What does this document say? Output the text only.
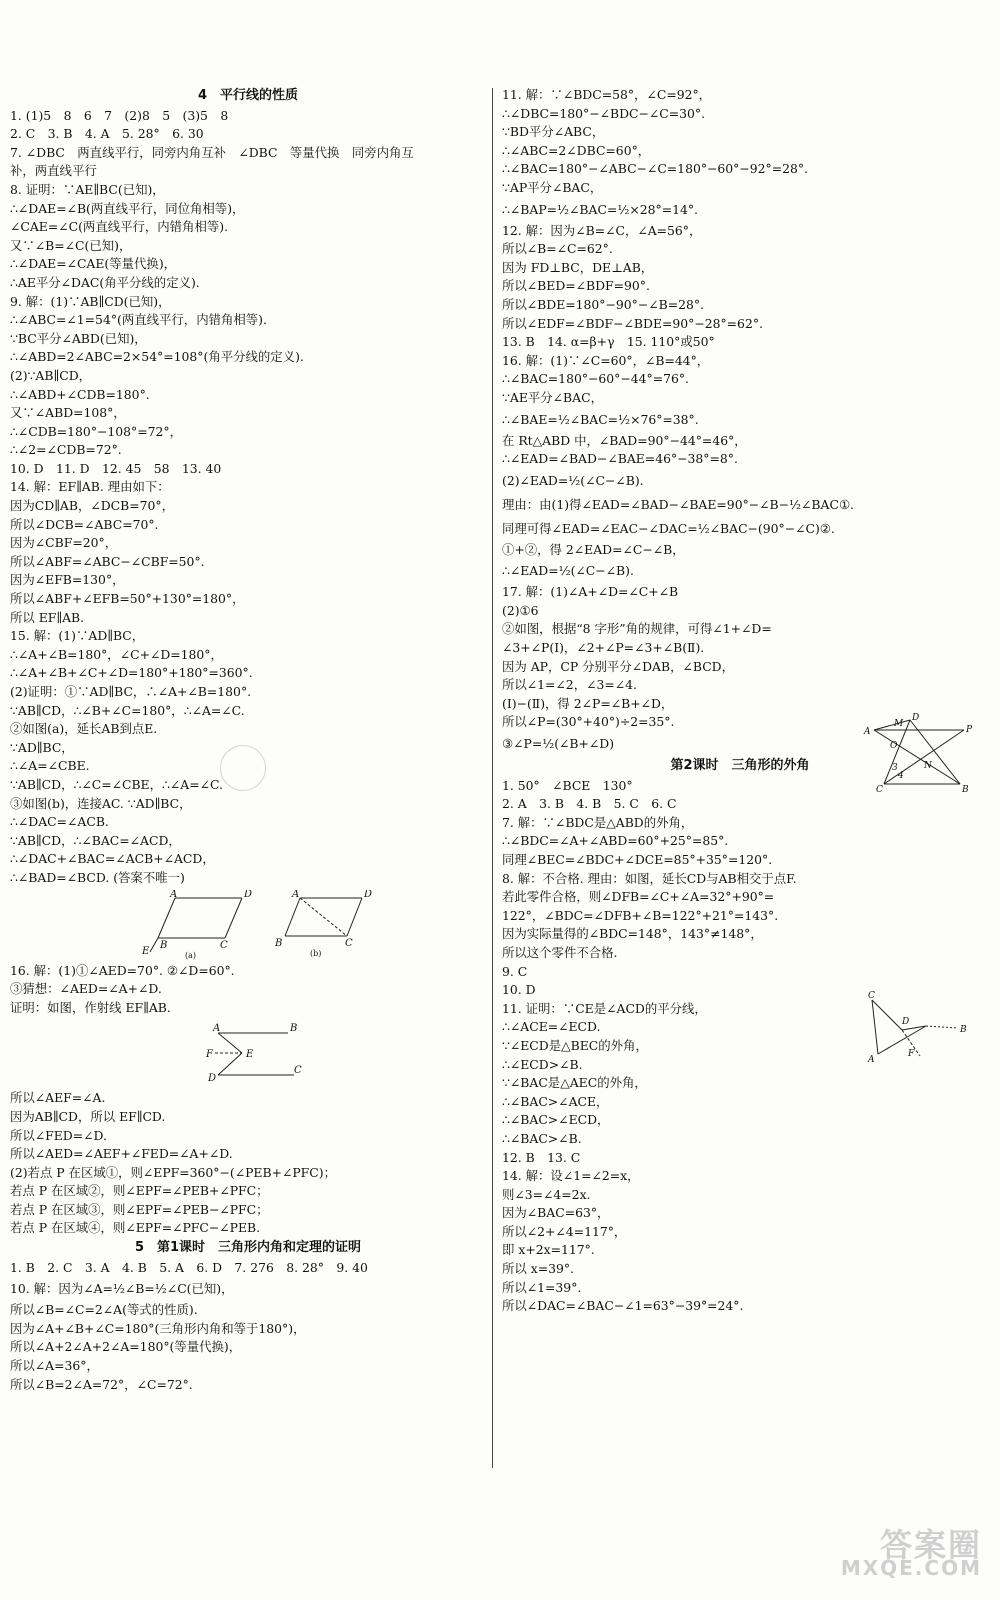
4　平行线的性质
1. (1)5　8　6　7　(2)8　5　(3)5　8
2. C　3. B　4. A　5. 28°　6. 30
7. ∠DBC　两直线平行，同旁内角互补　∠DBC　等量代换　同旁内角互
补，两直线平行
8. 证明：∵AE∥BC(已知)，
∴∠DAE=∠B(两直线平行，同位角相等)，
∠CAE=∠C(两直线平行，内错角相等).
又∵∠B=∠C(已知)，
∴∠DAE=∠CAE(等量代换)，
∴AE平分∠DAC(角平分线的定义).
9. 解：(1)∵AB∥CD(已知)，
∴∠ABC=∠1=54°(两直线平行，内错角相等).
∵BC平分∠ABD(已知)，
∴∠ABD=2∠ABC=2×54°=108°(角平分线的定义).
(2)∵AB∥CD，
∴∠ABD+∠CDB=180°.
又∵∠ABD=108°，
∴∠CDB=180°−108°=72°，
∴∠2=∠CDB=72°.
10. D　11. D　12. 45　58　13. 40
14. 解：EF∥AB. 理由如下：
因为CD∥AB，∠DCB=70°，
所以∠DCB=∠ABC=70°.
因为∠CBF=20°，
所以∠ABF=∠ABC−∠CBF=50°.
因为∠EFB=130°，
所以∠ABF+∠EFB=50°+130°=180°，
所以 EF∥AB.
15. 解：(1)∵AD∥BC，
∴∠A+∠B=180°，∠C+∠D=180°，
∴∠A+∠B+∠C+∠D=180°+180°=360°.
(2)证明：①∵AD∥BC，∴∠A+∠B=180°.
∵AB∥CD，∴∠B+∠C=180°，∴∠A=∠C.
②如图(a)，延长AB到点E.
∵AD∥BC，
∴∠A=∠CBE.
∵AB∥CD，∴∠C=∠CBE，∴∠A=∠C.
③如图(b)，连接AC. ∵AD∥BC，
∴∠DAC=∠ACB.
∵AB∥CD，∴∠BAC=∠ACD，
∴∠DAC+∠BAC=∠ACB+∠ACD，
∴∠BAD=∠BCD. (答案不唯一)
A	D
E
B	C
(a)
A	D
B	C
(b)
16. 解：(1)①∠AED=70°. ②∠D=60°.
③猜想：∠AED=∠A+∠D.
证明：如图，作射线 EF∥AB.
A	B
F	E
D
C
所以∠AEF=∠A.
因为AB∥CD，所以 EF∥CD.
所以∠FED=∠D.
所以∠AED=∠AEF+∠FED=∠A+∠D.
(2)若点 P 在区域①，则∠EPF=360°−(∠PEB+∠PFC)；
若点 P 在区域②，则∠EPF=∠PEB+∠PFC；
若点 P 在区域③，则∠EPF=∠PEB−∠PFC；
若点 P 在区域④，则∠EPF=∠PFC−∠PEB.
5　第1课时　三角形内角和定理的证明
1. B　2. C　3. A　4. B　5. A　6. D　7. 276　8. 28°　9. 40
10. 解：因为∠A=½∠B=½∠C(已知)，
所以∠B=∠C=2∠A(等式的性质).
因为∠A+∠B+∠C=180°(三角形内角和等于180°)，
所以∠A+2∠A+2∠A=180°(等量代换)，
所以∠A=36°，
所以∠B=2∠A=72°，∠C=72°.
11. 解：∵∠BDC=58°，∠C=92°，
∴∠DBC=180°−∠BDC−∠C=30°.
∵BD平分∠ABC，
∴∠ABC=2∠DBC=60°，
∴∠BAC=180°−∠ABC−∠C=180°−60°−92°=28°.
∵AP平分∠BAC，
∴∠BAP=½∠BAC=½×28°=14°.
12. 解：因为∠B=∠C，∠A=56°，
所以∠B=∠C=62°.
因为 FD⊥BC，DE⊥AB，
所以∠BED=∠BDF=90°.
所以∠BDE=180°−90°−∠B=28°.
所以∠EDF=∠BDF−∠BDE=90°−28°=62°.
13. B　14. α=β+γ　15. 110°或50°
16. 解：(1)∵∠C=60°，∠B=44°，
∴∠BAC=180°−60°−44°=76°.
∵AE平分∠BAC，
∴∠BAE=½∠BAC=½×76°=38°.
在 Rt△ABD 中，∠BAD=90°−44°=46°，
∴∠EAD=∠BAD−∠BAE=46°−38°=8°.
(2)∠EAD=½(∠C−∠B).
理由：由(1)得∠EAD=∠BAD−∠BAE=90°−∠B−½∠BAC①.
同理可得∠EAD=∠EAC−∠DAC=½∠BAC−(90°−∠C)②.
①+②，得 2∠EAD=∠C−∠B，
∴∠EAD=½(∠C−∠B).
17. 解：(1)∠A+∠D=∠C+∠B
(2)①6
②如图，根据“8 字形”角的规律，可得∠1+∠D=
∠3+∠P(Ⅰ)，∠2+∠P=∠3+∠B(Ⅱ).
因为 AP，CP 分别平分∠DAB，∠BCD，
所以∠1=∠2，∠3=∠4.
(Ⅰ)−(Ⅱ)，得 2∠P=∠B+∠D，
所以∠P=(30°+40°)÷2=35°.
③∠P=½(∠B+∠D)
第2课时　三角形的外角
1. 50°　∠BCE　130°
2. A　3. B　4. B　5. C　6. C
7. 解：∵∠BDC是△ABD的外角，
∴∠BDC=∠A+∠ABD=60°+25°=85°.
同理∠BEC=∠BDC+∠DCE=85°+35°=120°.
8. 解：不合格. 理由：如图，延长CD与AB相交于点F.
若此零件合格，则∠DFB=∠C+∠A=32°+90°=
122°，∠BDC=∠DFB+∠B=122°+21°=143°.
因为实际量得的∠BDC=148°，143°≠148°，
所以这个零件不合格.
9. C
10. D
11. 证明：∵CE是∠ACD的平分线，
∴∠ACE=∠ECD.
∵∠ECD是△BEC的外角，
∴∠ECD>∠B.
∵∠BAC是△AEC的外角，
∴∠BAC>∠ACE，
∴∠BAC>∠ECD，
∴∠BAC>∠B.
12. B　13. C
14. 解：设∠1=∠2=x，
则∠3=∠4=2x.
因为∠BAC=63°，
所以∠2+∠4=117°，
即 x+2x=117°.
所以 x=39°.
所以∠1=39°.
所以∠DAC=∠BAC−∠1=63°−39°=24°.
A
M
D
P
O
3
4
N
C	B
C
D
B
A
F
答案圈
MXQE.COM
